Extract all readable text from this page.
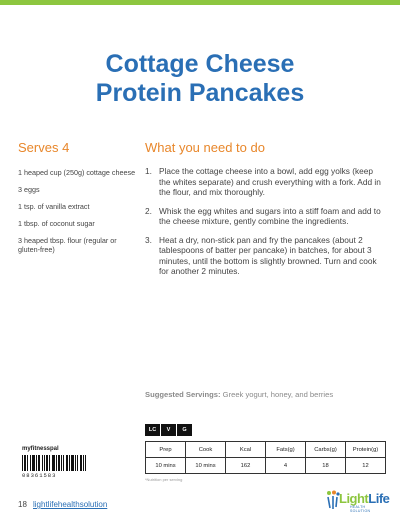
Cottage Cheese
Protein Pancakes
Serves 4	What you need to do
1 heaped cup (250g) cottage cheese
3 eggs
1 tsp. of vanilla extract
1 tbsp. of coconut sugar
3 heaped tbsp. flour (regular or gluten-free)
1. Place the cottage cheese into a bowl, add egg yolks (keep the whites separate) and crush everything with a fork. Add in the flour, and mix thoroughly.
2. Whisk the egg whites and sugars into a stiff foam and add to the cheese mixture, gently combine the ingredients.
3. Heat a dry, non-stick pan and fry the pancakes (about 2 tablespoons of batter per pancake) in batches, for about 3 minutes, until the bottom is slightly browned. Turn and cook for another 2 minutes.
Suggested Servings: Greek yogurt, honey, and berries
LC	V	G
myfitnesspal
08361583
Prep	Cook	Kcal	Fats(g)	Carbs(g)	Protein(g)
10 mins	10 mins	162	4	18	12
*Nutrition per serving
18 lightlifehealthsolution	LightLife
HEALTH SOLUTION
